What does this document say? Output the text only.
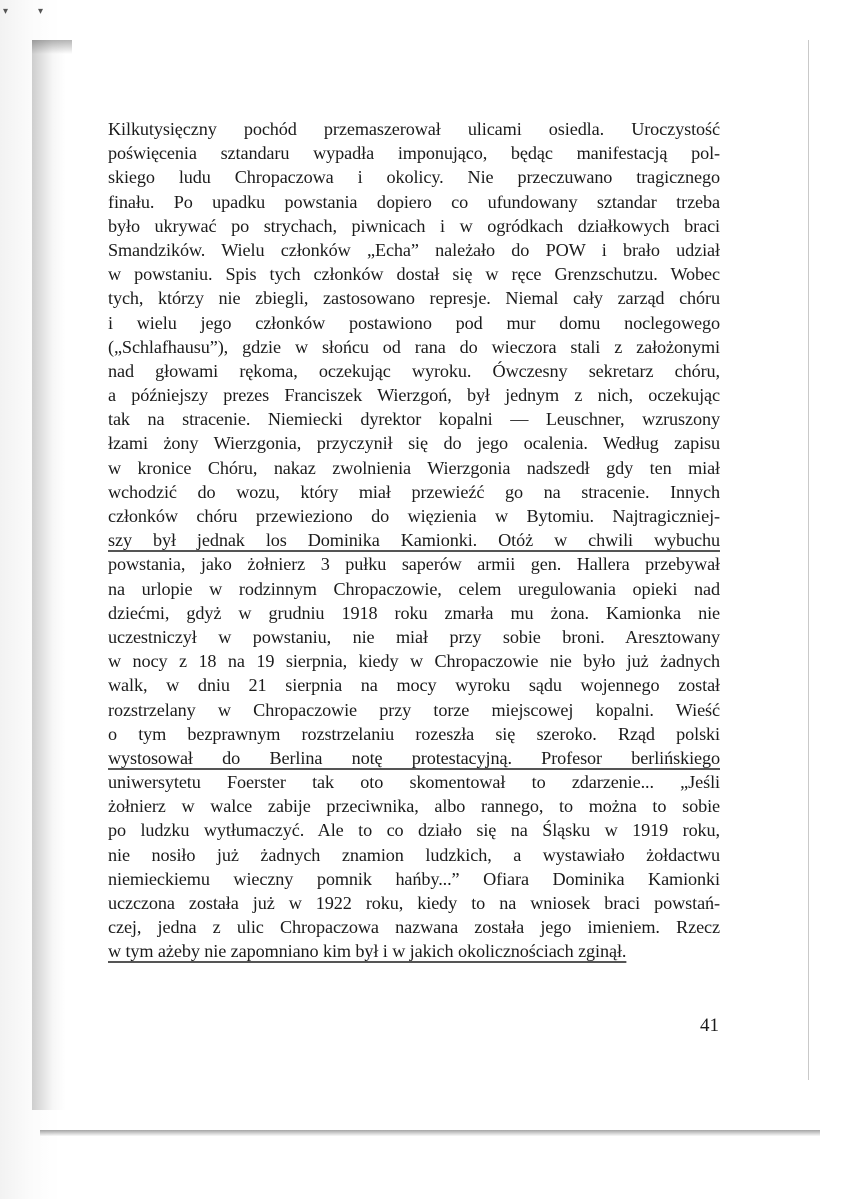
▾	▾
Kilkutysięczny pochód przemaszerował ulicami osiedla. Uroczystość
poświęcenia sztandaru wypadła imponująco, będąc manifestacją pol-
skiego ludu Chropaczowa i okolicy. Nie przeczuwano tragicznego
finału. Po upadku powstania dopiero co ufundowany sztandar trzeba
było ukrywać po strychach, piwnicach i w ogródkach działkowych braci
Smandzików. Wielu członków „Echa” należało do POW i brało udział
w powstaniu. Spis tych członków dostał się w ręce Grenzschutzu. Wobec
tych, którzy nie zbiegli, zastosowano represje. Niemal cały zarząd chóru
i wielu jego członków postawiono pod mur domu noclegowego
(„Schlafhausu”), gdzie w słońcu od rana do wieczora stali z założonymi
nad głowami rękoma, oczekując wyroku. Ówczesny sekretarz chóru,
a późniejszy prezes Franciszek Wierzgoń, był jednym z nich, oczekując
tak na stracenie. Niemiecki dyrektor kopalni — Leuschner, wzruszony
łzami żony Wierzgonia, przyczynił się do jego ocalenia. Według zapisu
w kronice Chóru, nakaz zwolnienia Wierzgonia nadszedł gdy ten miał
wchodzić do wozu, który miał przewieźć go na stracenie. Innych
członków chóru przewieziono do więzienia w Bytomiu. Najtragiczniej-
szy był jednak los Dominika Kamionki. Otóż w chwili wybuchu
powstania, jako żołnierz 3 pułku saperów armii gen. Hallera przebywał
na urlopie w rodzinnym Chropaczowie, celem uregulowania opieki nad
dziećmi, gdyż w grudniu 1918 roku zmarła mu żona. Kamionka nie
uczestniczył w powstaniu, nie miał przy sobie broni. Aresztowany
w nocy z 18 na 19 sierpnia, kiedy w Chropaczowie nie było już żadnych
walk, w dniu 21 sierpnia na mocy wyroku sądu wojennego został
rozstrzelany w Chropaczowie przy torze miejscowej kopalni. Wieść
o tym bezprawnym rozstrzelaniu rozeszła się szeroko. Rząd polski
wystosował do Berlina notę protestacyjną. Profesor berlińskiego
uniwersytetu Foerster tak oto skomentował to zdarzenie... „Jeśli
żołnierz w walce zabije przeciwnika, albo rannego, to można to sobie
po ludzku wytłumaczyć. Ale to co działo się na Śląsku w 1919 roku,
nie nosiło już żadnych znamion ludzkich, a wystawiało żołdactwu
niemieckiemu wieczny pomnik hańby...” Ofiara Dominika Kamionki
uczczona została już w 1922 roku, kiedy to na wniosek braci powstań-
czej, jedna z ulic Chropaczowa nazwana została jego imieniem. Rzecz
w tym ażeby nie zapomniano kim był i w jakich okolicznościach zginął.
41
